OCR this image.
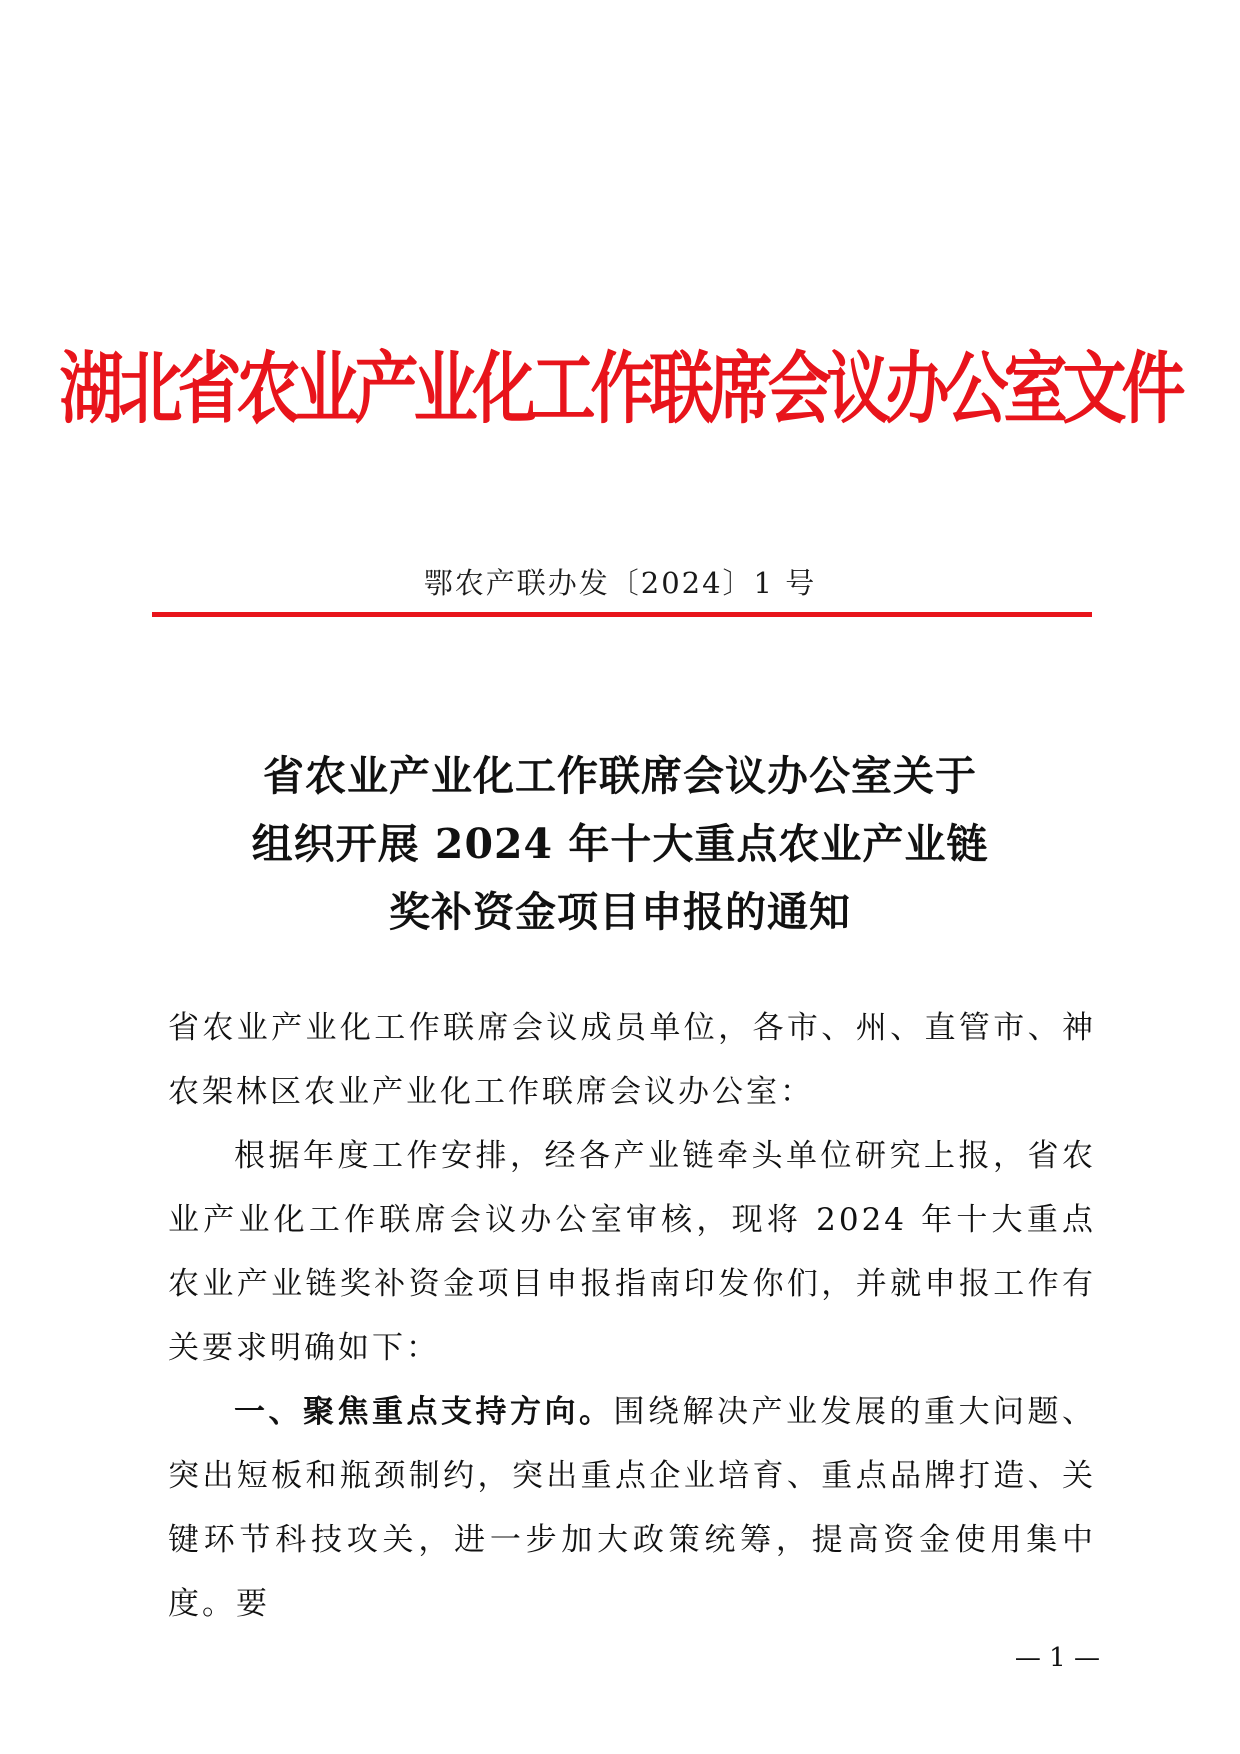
湖北省农业产业化工作联席会议办公室文件
鄂农产联办发〔2024〕1 号
省农业产业化工作联席会议办公室关于
组织开展 2024 年十大重点农业产业链
奖补资金项目申报的通知

省农业产业化工作联席会议成员单位，各市、州、直管市、神农架林区农业产业化工作联席会议办公室：

根据年度工作安排，经各产业链牵头单位研究上报，省农业产业化工作联席会议办公室审核，现将 2024 年十大重点农业产业链奖补资金项目申报指南印发你们，并就申报工作有关要求明确如下：

一、聚焦重点支持方向。围绕解决产业发展的重大问题、突出短板和瓶颈制约，突出重点企业培育、重点品牌打造、关键环节科技攻关，进一步加大政策统筹，提高资金使用集中度。要

— 1 —
